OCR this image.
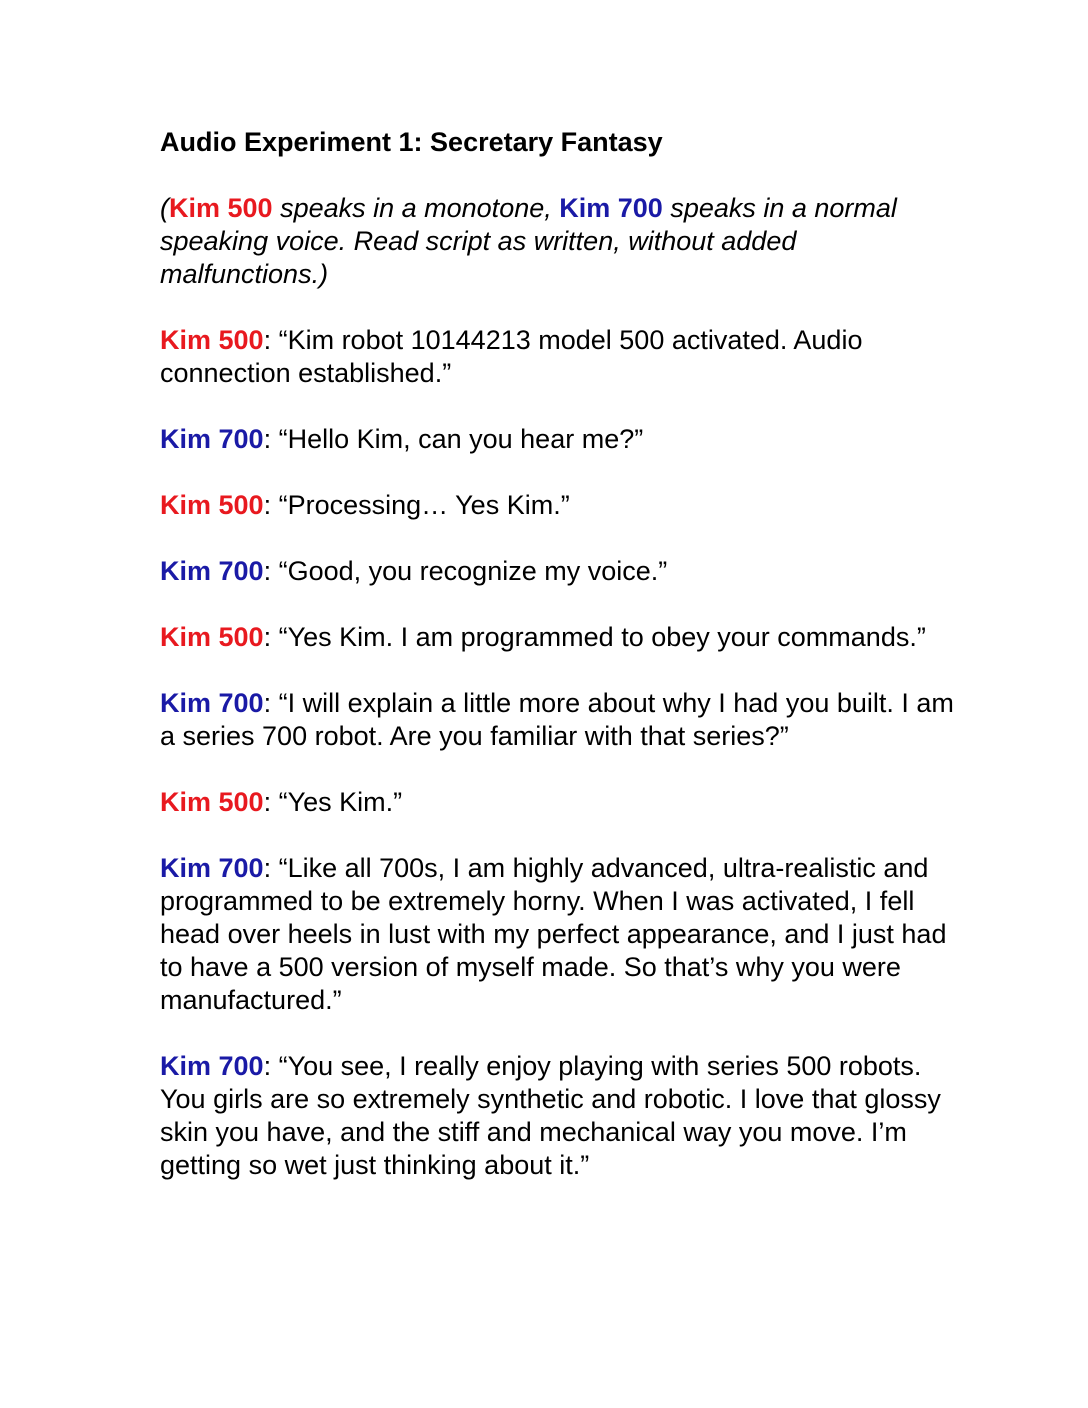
Audio Experiment 1: Secretary Fantasy

(Kim 500 speaks in a monotone, Kim 700 speaks in a normal speaking voice. Read script as written, without added malfunctions.)

Kim 500: “Kim robot 10144213 model 500 activated. Audio connection established.”

Kim 700: “Hello Kim, can you hear me?”

Kim 500: “Processing… Yes Kim.”

Kim 700: “Good, you recognize my voice.”

Kim 500: “Yes Kim. I am programmed to obey your commands.”

Kim 700: “I will explain a little more about why I had you built. I am a series 700 robot. Are you familiar with that series?”

Kim 500: “Yes Kim.”

Kim 700: “Like all 700s, I am highly advanced, ultra-realistic and programmed to be extremely horny. When I was activated, I fell head over heels in lust with my perfect appearance, and I just had to have a 500 version of myself made. So that’s why you were manufactured.”

Kim 700: “You see, I really enjoy playing with series 500 robots. You girls are so extremely synthetic and robotic. I love that glossy skin you have, and the stiff and mechanical way you move. I’m getting so wet just thinking about it.”
